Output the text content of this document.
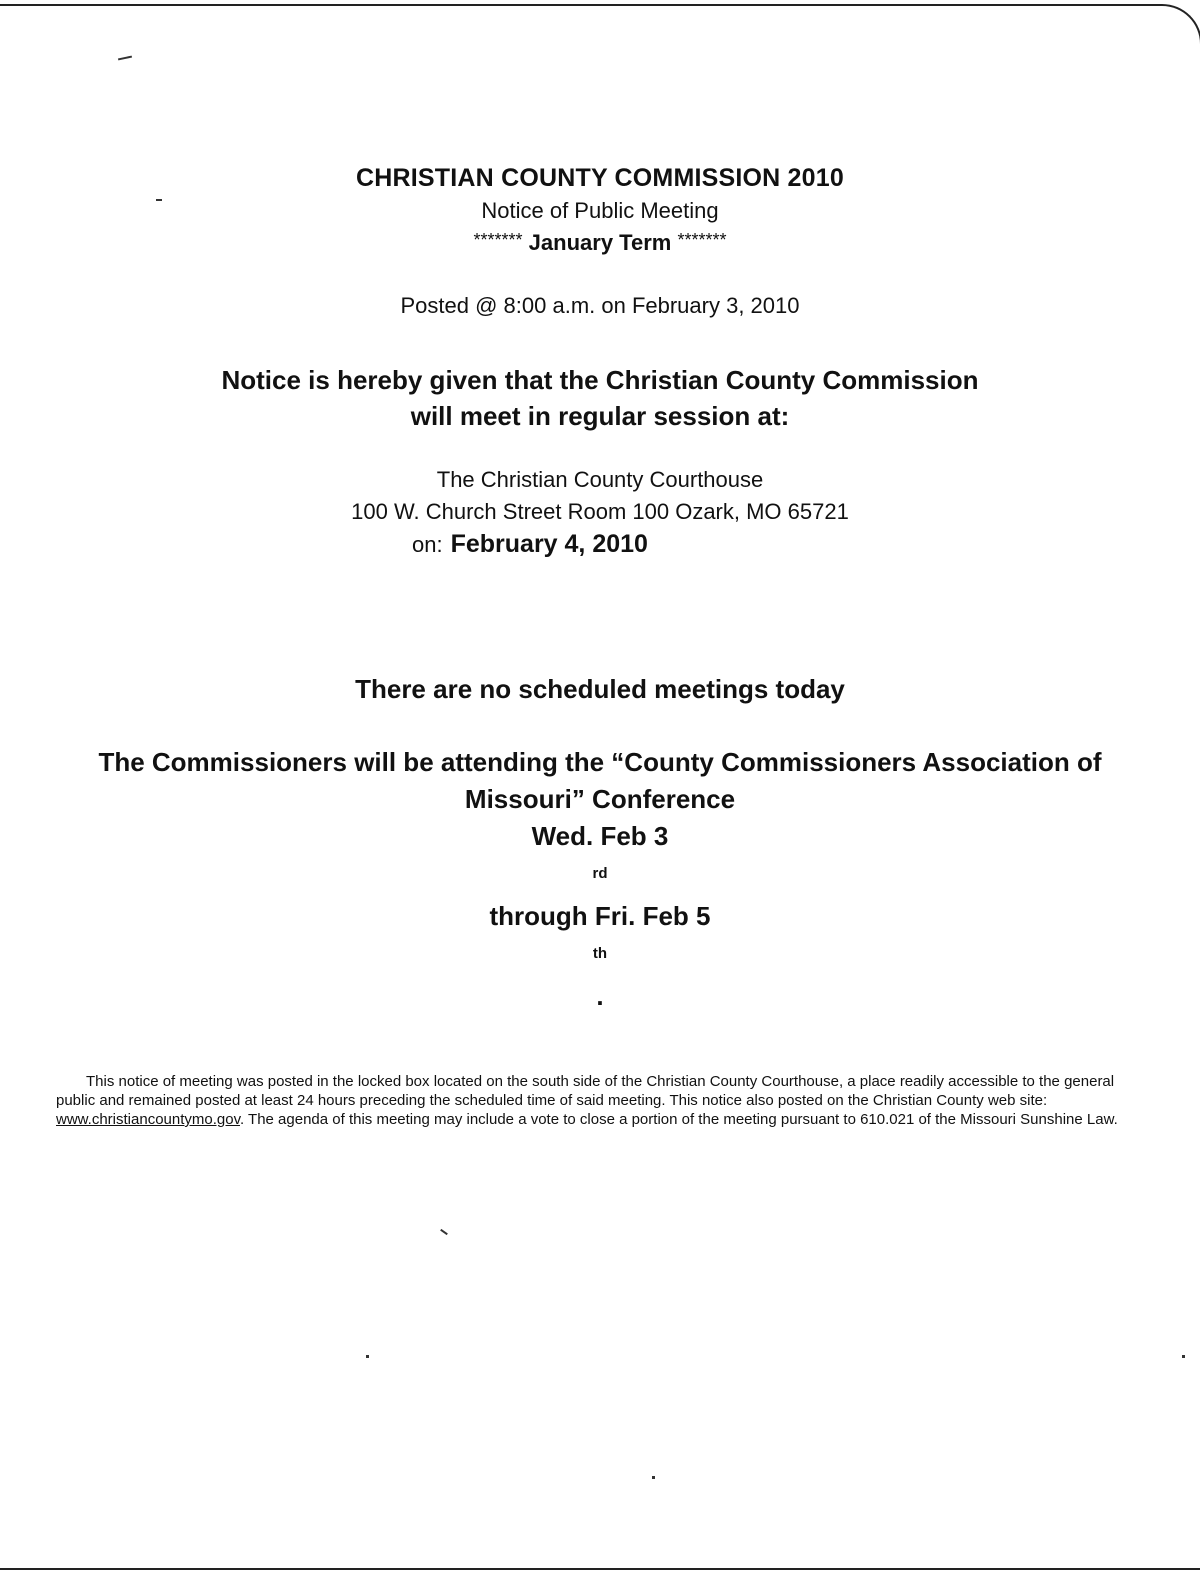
CHRISTIAN COUNTY COMMISSION 2010
Notice of Public Meeting
******* January Term *******
Posted @ 8:00 a.m. on February 3, 2010
Notice is hereby given that the Christian County Commission
will meet in regular session at:
The Christian County Courthouse
100 W. Church Street Room 100 Ozark, MO 65721
on: February 4, 2010
There are no scheduled meetings today
The Commissioners will be attending the “County Commissioners Association of
Missouri” Conference
Wed. Feb 3
$^{rd}$
through Fri. Feb 5
$^{th}$
.
This notice of meeting was posted in the locked box located on the south side of the Christian County Courthouse, a place readily accessible to the general public and remained posted at least 24 hours preceding the scheduled time of said meeting. This notice also posted on the Christian County web site: www.christiancountymo.gov. The agenda of this meeting may include a vote to close a portion of the meeting pursuant to 610.021 of the Missouri Sunshine Law.
